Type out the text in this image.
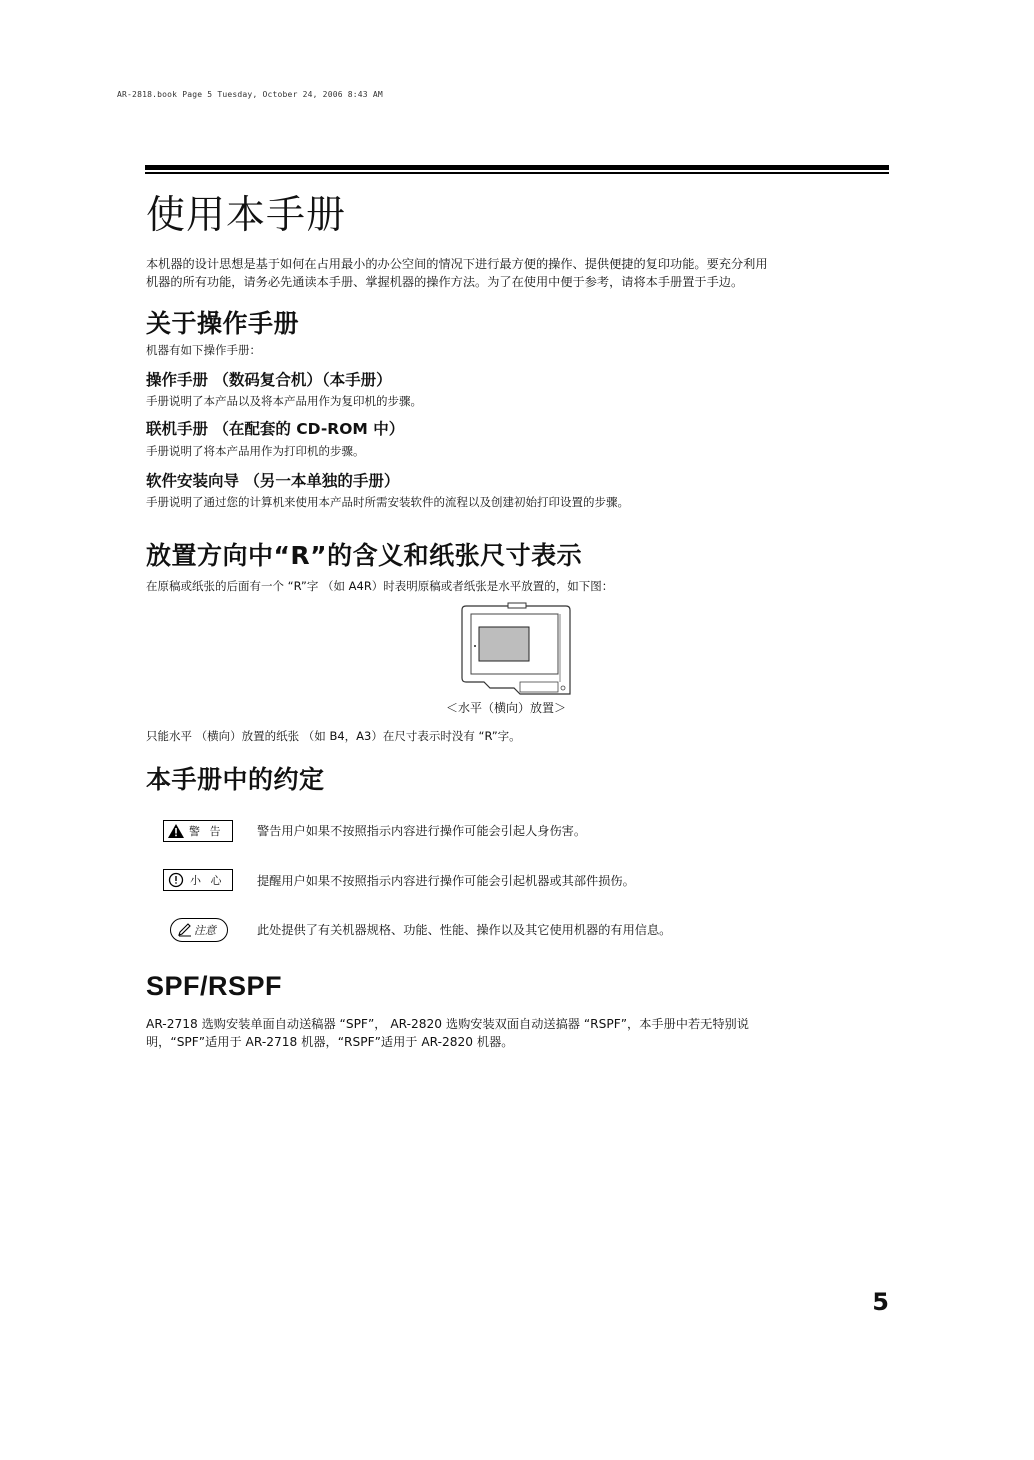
AR-2818.book Page 5 Tuesday, October 24, 2006 8:43 AM
使用本手册
本机器的设计思想是基于如何在占用最小的办公空间的情况下进行最方便的操作、提供便捷的复印功能。要充分利用
机器的所有功能，请务必先通读本手册、掌握机器的操作方法。为了在使用中便于参考，请将本手册置于手边。
关于操作手册
机器有如下操作手册：
操作手册 （数码复合机）（本手册）
手册说明了本产品以及将本产品用作为复印机的步骤。
联机手册 （在配套的 CD-ROM 中）
手册说明了将本产品用作为打印机的步骤。
软件安装向导 （另一本单独的手册）
手册说明了通过您的计算机来使用本产品时所需安装软件的流程以及创建初始打印设置的步骤。
放置方向中“R”的含义和纸张尺寸表示
在原稿或纸张的后面有一个 “R”字 （如 A4R）时表明原稿或者纸张是水平放置的，如下图：
＜水平（横向）放置＞
只能水平 （横向）放置的纸张 （如 B4，A3）在尺寸表示时没有 “R”字。
本手册中的约定
警 告	警告用户如果不按照指示内容进行操作可能会引起人身伤害。
小 心	提醒用户如果不按照指示内容进行操作可能会引起机器或其部件损伤。
注意	此处提供了有关机器规格、功能、性能、操作以及其它使用机器的有用信息。
SPF/RSPF
AR-2718 选购安装单面自动送稿器 “SPF”， AR-2820 选购安装双面自动送搞器 “RSPF”，本手册中若无特别说
明，“SPF”适用于 AR-2718 机器，“RSPF”适用于 AR-2820 机器。
5
